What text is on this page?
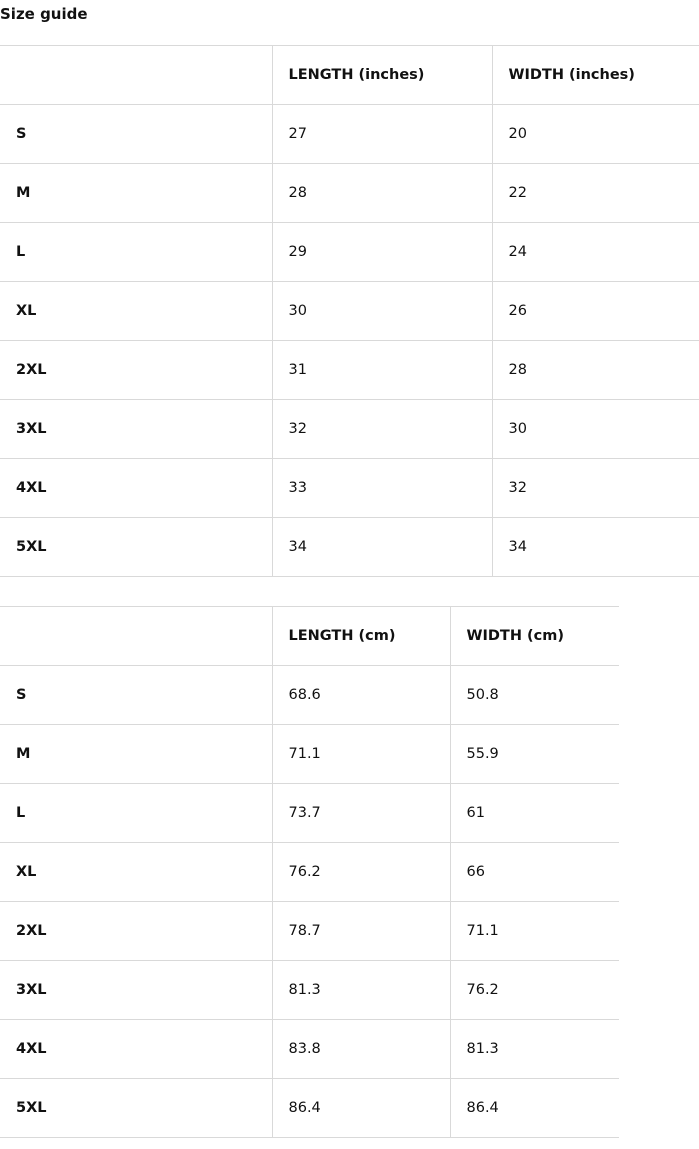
Size guide
	LENGTH (inches)	WIDTH (inches)
S	27	20
M	28	22
L	29	24
XL	30	26
2XL	31	28
3XL	32	30
4XL	33	32
5XL	34	34
	LENGTH (cm)	WIDTH (cm)
S	68.6	50.8
M	71.1	55.9
L	73.7	61
XL	76.2	66
2XL	78.7	71.1
3XL	81.3	76.2
4XL	83.8	81.3
5XL	86.4	86.4
